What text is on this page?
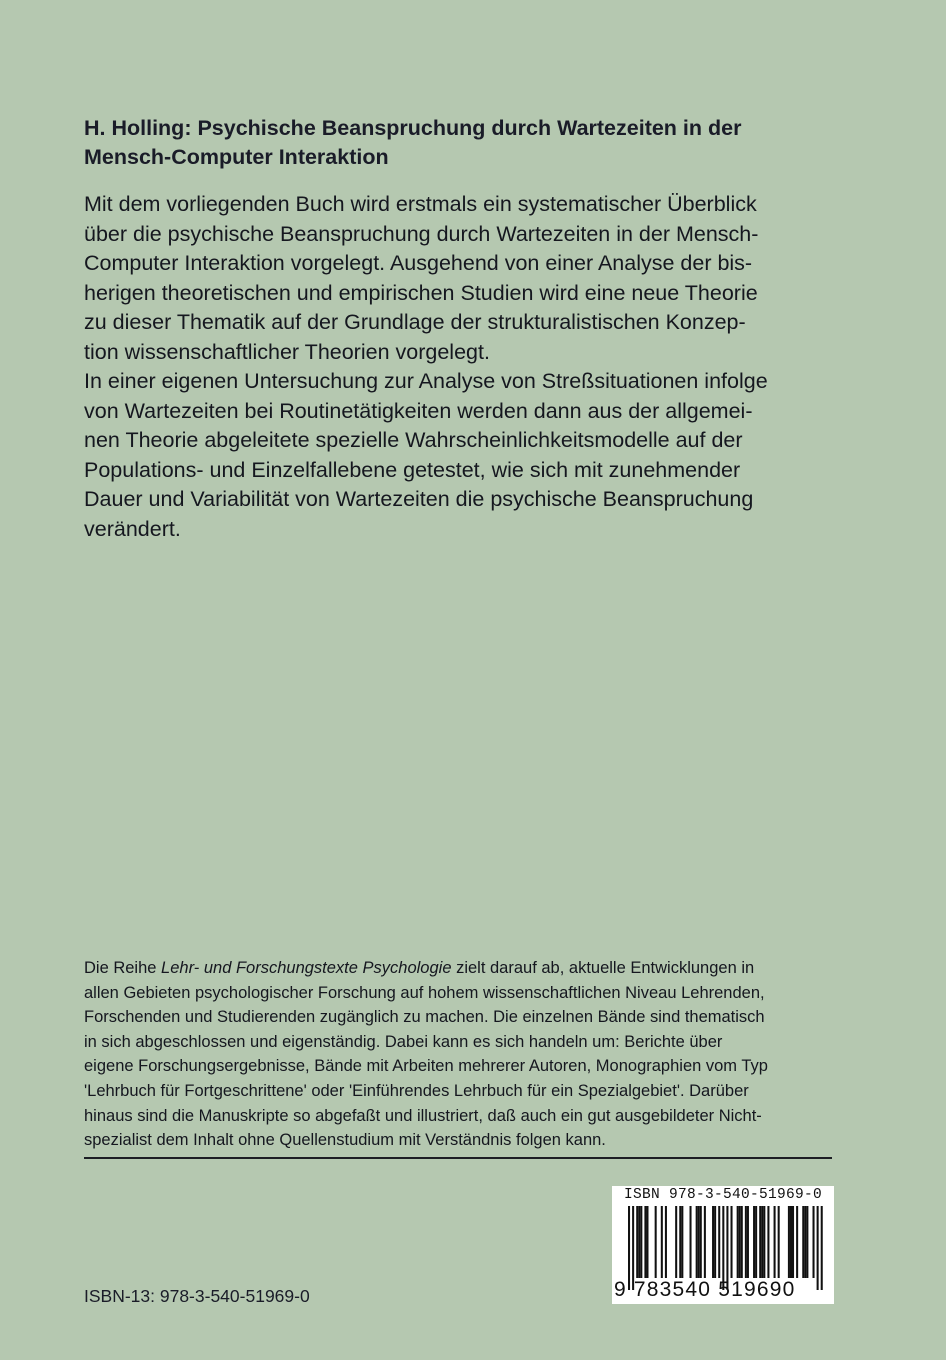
H. Holling: Psychische Beanspruchung durch Wartezeiten in der
Mensch-Computer Interaktion
Mit dem vorliegenden Buch wird erstmals ein systematischer Überblick
über die psychische Beanspruchung durch Wartezeiten in der Mensch-
Computer Interaktion vorgelegt. Ausgehend von einer Analyse der bis-
herigen theoretischen und empirischen Studien wird eine neue Theorie
zu dieser Thematik auf der Grundlage der strukturalistischen Konzep-
tion wissenschaftlicher Theorien vorgelegt.
In einer eigenen Untersuchung zur Analyse von Streßsituationen infolge
von Wartezeiten bei Routinetätigkeiten werden dann aus der allgemei-
nen Theorie abgeleitete spezielle Wahrscheinlichkeitsmodelle auf der
Populations- und Einzelfallebene getestet, wie sich mit zunehmender
Dauer und Variabilität von Wartezeiten die psychische Beanspruchung
verändert.
Die Reihe Lehr- und Forschungstexte Psychologie zielt darauf ab, aktuelle Entwicklungen in
allen Gebieten psychologischer Forschung auf hohem wissenschaftlichen Niveau Lehrenden,
Forschenden und Studierenden zugänglich zu machen. Die einzelnen Bände sind thematisch
in sich abgeschlossen und eigenständig. Dabei kann es sich handeln um: Berichte über
eigene Forschungsergebnisse, Bände mit Arbeiten mehrerer Autoren, Monographien vom Typ
'Lehrbuch für Fortgeschrittene' oder 'Einführendes Lehrbuch für ein Spezialgebiet'. Darüber
hinaus sind die Manuskripte so abgefaßt und illustriert, daß auch ein gut ausgebildeter Nicht-
spezialist dem Inhalt ohne Quellenstudium mit Verständnis folgen kann.
ISBN 978-3-540-51969-0
9 783540 519690
ISBN-13: 978-3-540-51969-0
